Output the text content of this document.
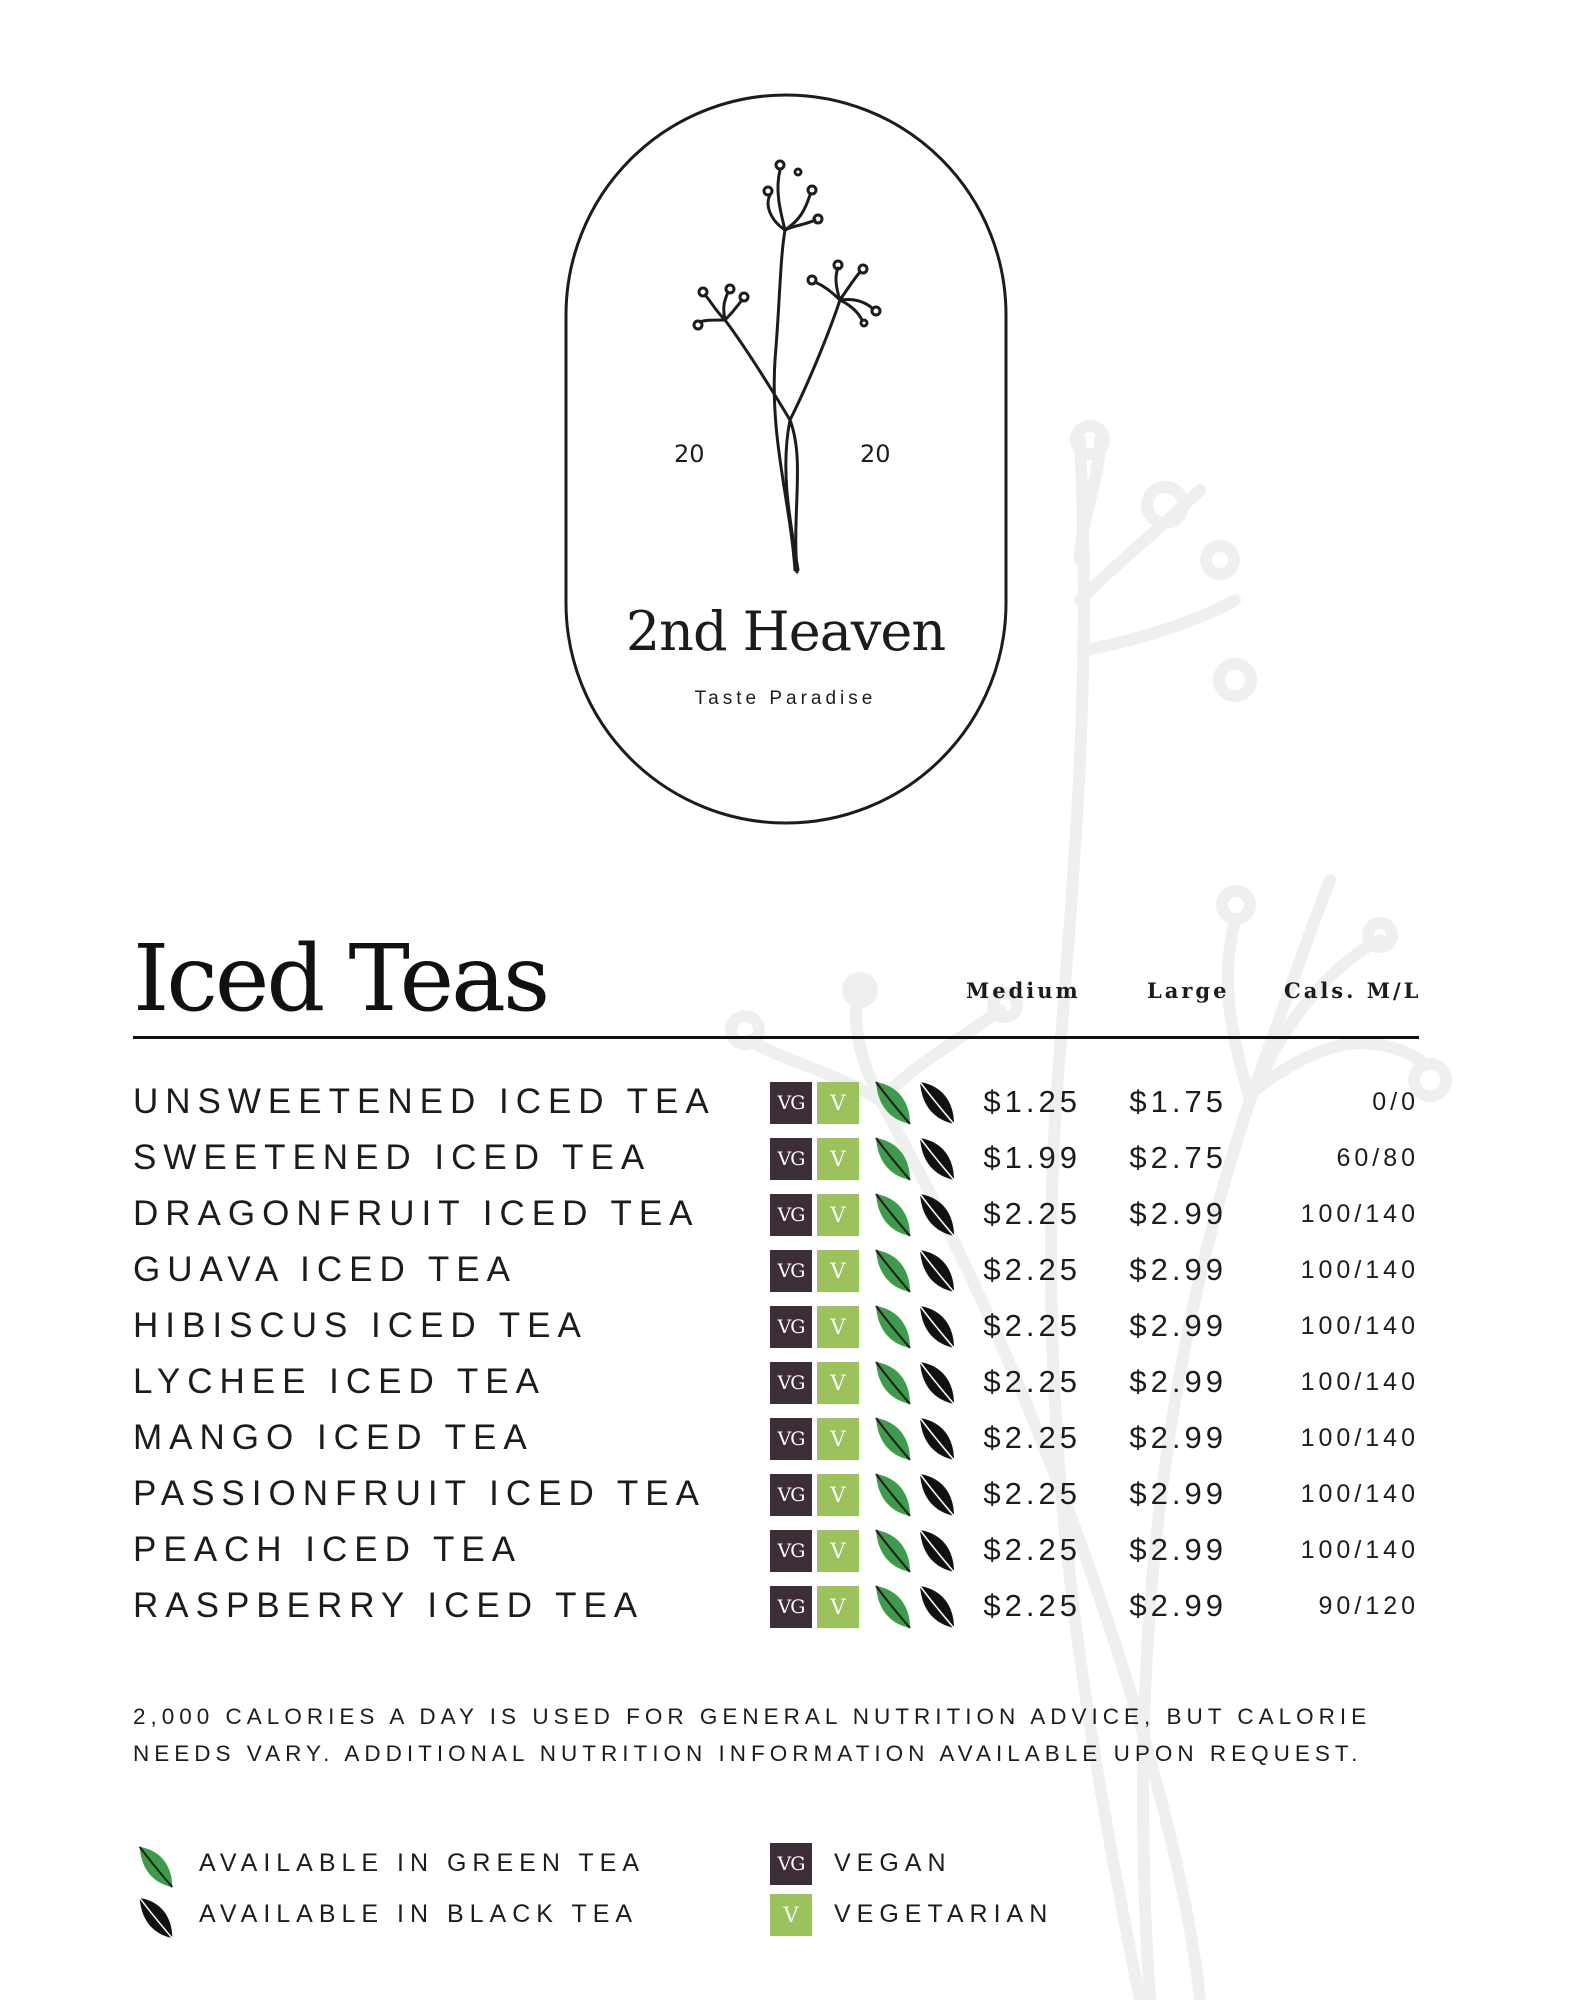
20	20
2nd Heaven
Taste Paradise
Iced Teas	Medium	Large	Cals. M/L
UNSWEETENED ICED TEA	VG	V	$1.25 $1.75	0/0
SWEETENED ICED TEA	VG	V	$1.99 $2.75	60/80
DRAGONFRUIT ICED TEA	VG	V	$2.25 $2.99	100/140
GUAVA ICED TEA	VG	V	$2.25 $2.99	100/140
HIBISCUS ICED TEA	VG	V	$2.25 $2.99	100/140
LYCHEE ICED TEA	VG	V	$2.25 $2.99	100/140
MANGO ICED TEA	VG	V	$2.25 $2.99	100/140
PASSIONFRUIT ICED TEA	VG	V	$2.25 $2.99	100/140
PEACH ICED TEA	VG	V	$2.25 $2.99	100/140
RASPBERRY ICED TEA	VG	V	$2.25 $2.99	90/120
2,000 CALORIES A DAY IS USED FOR GENERAL NUTRITION ADVICE, BUT CALORIE NEEDS VARY. ADDITIONAL NUTRITION INFORMATION AVAILABLE UPON REQUEST.
AVAILABLE IN GREEN TEA
AVAILABLE IN BLACK TEA
VG	VEGAN
V	VEGETARIAN
